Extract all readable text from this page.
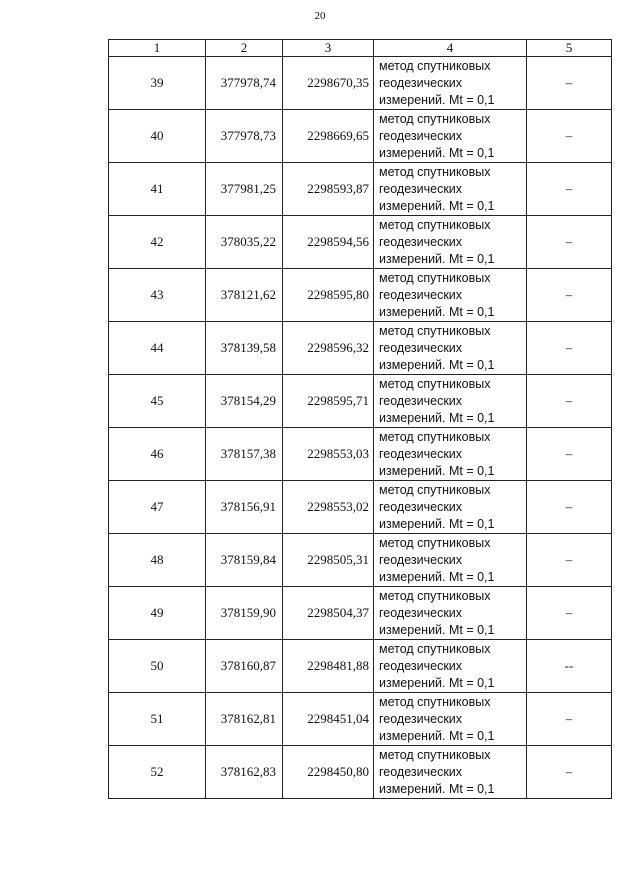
20
1	2	3	4	5
39	377978,74	2298670,35	метод спутниковых
геодезических
измерений. Mt = 0,1	–
40	377978,73	2298669,65	метод спутниковых
геодезических
измерений. Mt = 0,1	–
41	377981,25	2298593,87	метод спутниковых
геодезических
измерений. Mt = 0,1	–
42	378035,22	2298594,56	метод спутниковых
геодезических
измерений. Mt = 0,1	–
43	378121,62	2298595,80	метод спутниковых
геодезических
измерений. Mt = 0,1	–
44	378139,58	2298596,32	метод спутниковых
геодезических
измерений. Mt = 0,1	–
45	378154,29	2298595,71	метод спутниковых
геодезических
измерений. Mt = 0,1	–
46	378157,38	2298553,03	метод спутниковых
геодезических
измерений. Mt = 0,1	–
47	378156,91	2298553,02	метод спутниковых
геодезических
измерений. Mt = 0,1	–
48	378159,84	2298505,31	метод спутниковых
геодезических
измерений. Mt = 0,1	–
49	378159,90	2298504,37	метод спутниковых
геодезических
измерений. Mt = 0,1	–
50	378160,87	2298481,88	метод спутниковых
геодезических
измерений. Mt = 0,1	--
51	378162,81	2298451,04	метод спутниковых
геодезических
измерений. Mt = 0,1	–
52	378162,83	2298450,80	метод спутниковых
геодезических
измерений. Mt = 0,1	–
